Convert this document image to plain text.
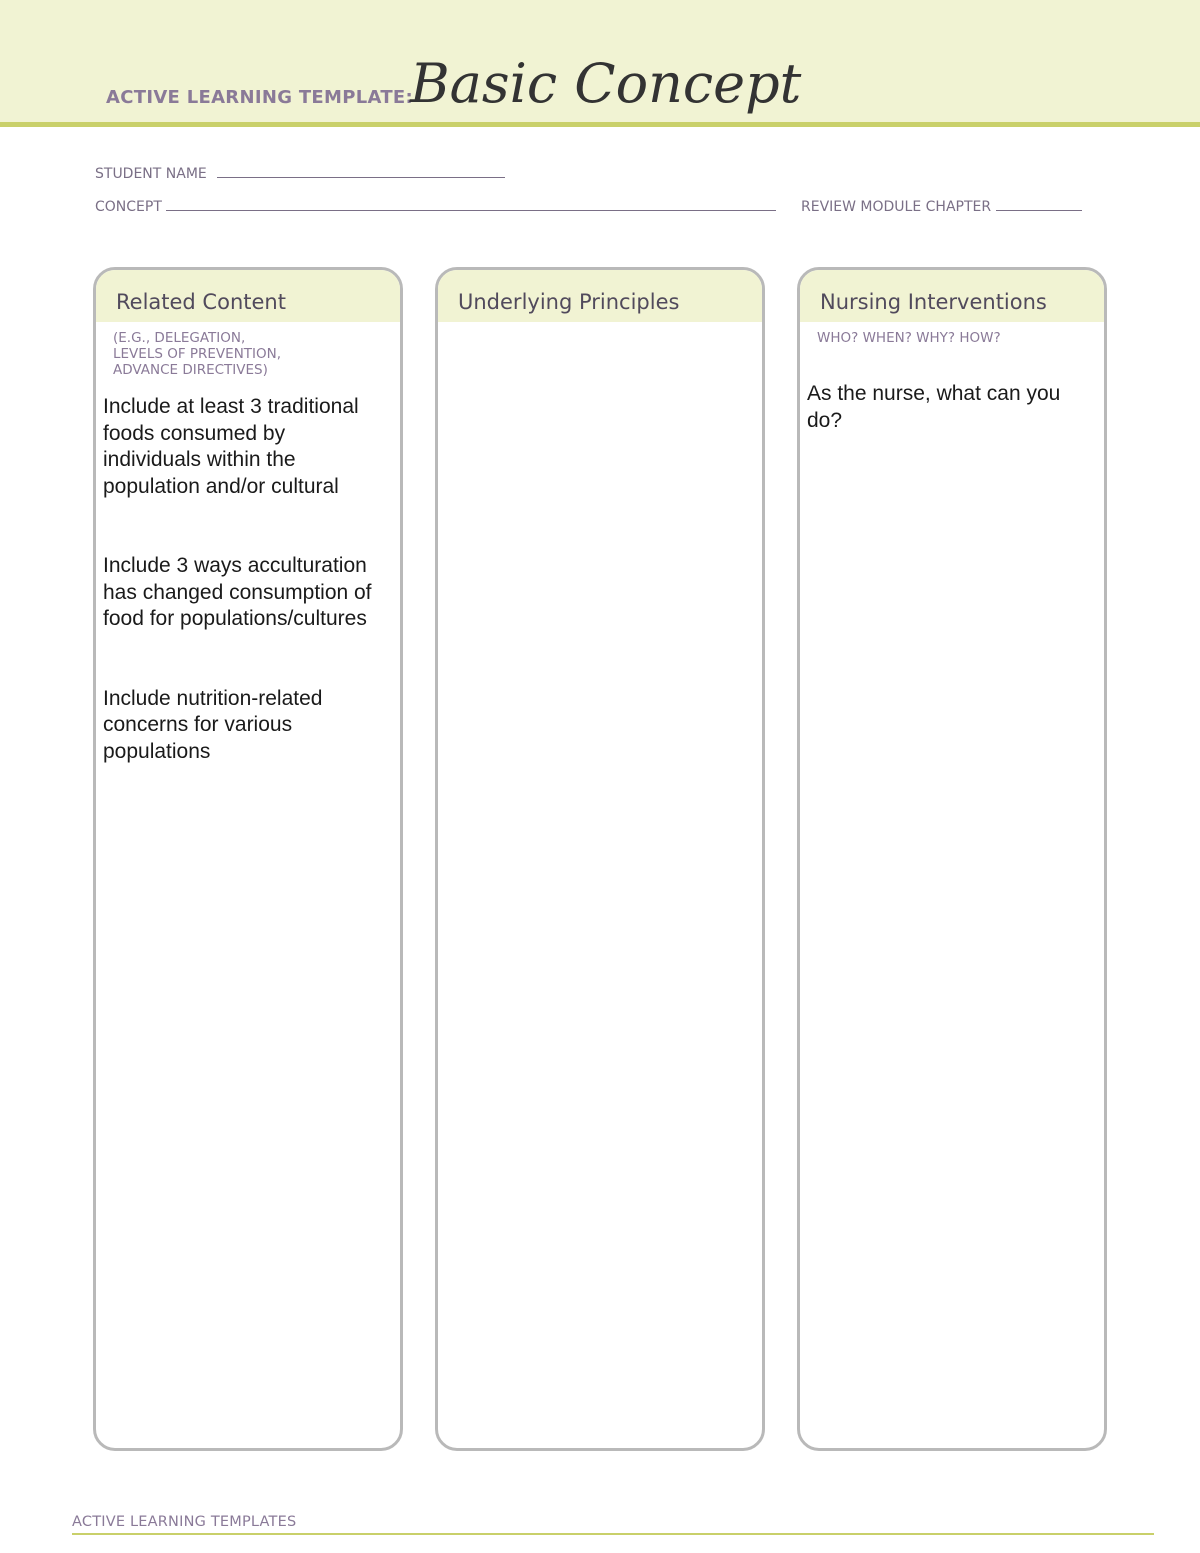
ACTIVE LEARNING TEMPLATE:
Basic Concept
STUDENT NAME
CONCEPT	REVIEW MODULE CHAPTER
Related Content
(E.G., DELEGATION,
LEVELS OF PREVENTION,
ADVANCE DIRECTIVES)

Include at least 3 traditional foods consumed by individuals within the population and/or cultural

Include 3 ways acculturation has changed consumption of food for populations/cultures

Include nutrition-related concerns for various populations

Underlying Principles	Nursing Interventions
WHO? WHEN? WHY? HOW?

As the nurse, what can you do?

ACTIVE LEARNING TEMPLATES
